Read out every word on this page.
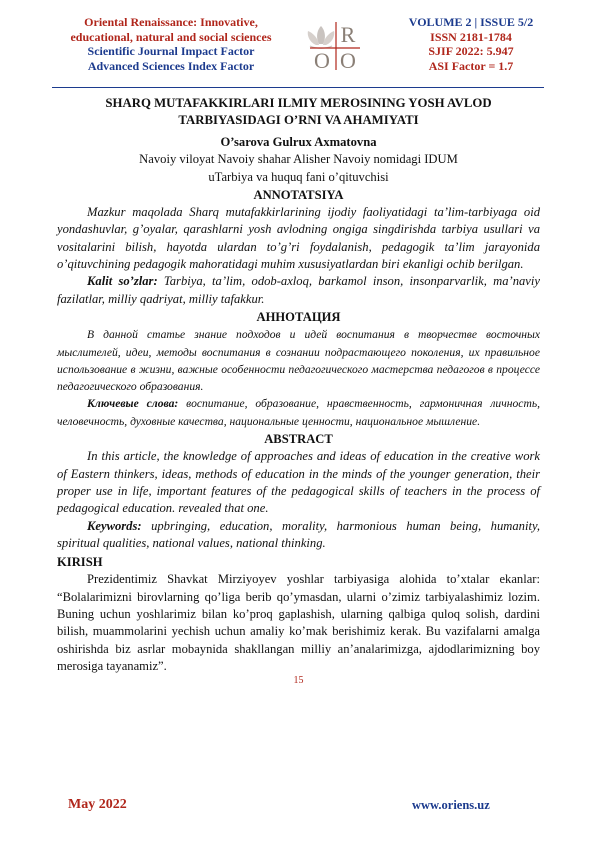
Oriental Renaissance: Innovative,
educational, natural and social sciences
Scientific Journal Impact Factor
Advanced Sciences Index Factor
R
O O
VOLUME 2 | ISSUE 5/2
ISSN 2181-1784
SJIF 2022: 5.947
ASI Factor = 1.7

SHARQ MUTAFAKKIRLARI ILMIY MEROSINING YOSH AVLOD TARBIYASIDAGI O’RNI VA AHAMIYATI

O’sarova Gulrux Axmatovna

Navoiy viloyat Navoiy shahar Alisher Navoiy nomidagi IDUM

uTarbiya va huquq fani o’qituvchisi

ANNOTATSIYA

Mazkur maqolada Sharq mutafakkirlarining ijodiy faoliyatidagi ta’lim-tarbiyaga oid yondashuvlar, g’oyalar, qarashlarni yosh avlodning ongiga singdirishda tarbiya usullari va vositalarini bilish, hayotda ulardan to’g’ri foydalanish, pedagogik ta’lim jarayonida o’qituvchining pedagogik mahoratidagi muhim xususiyatlardan biri ekanligi ochib berilgan.

Kalit so’zlar: Tarbiya, ta’lim, odob-axloq, barkamol inson, insonparvarlik, ma’naviy fazilatlar, milliy qadriyat, milliy tafakkur.

АННОТАЦИЯ

В данной статье знание подходов и идей воспитания в творчестве восточных мыслителей, идеи, методы воспитания в сознании подрастающего поколения, их правильное использование в жизни, важные особенности педагогического мастерства педагогов в процессе педагогического образования.

Ключевые слова: воспитание, образование, нравственность, гармоничная личность, человечность, духовные качества, национальные ценности, национальное мышление.

ABSTRACT

In this article, the knowledge of approaches and ideas of education in the creative work of Eastern thinkers, ideas, methods of education in the minds of the younger generation, their proper use in life, important features of the pedagogical skills of teachers in the process of pedagogical education. revealed that one.

Keywords: upbringing, education, morality, harmonious human being, humanity, spiritual qualities, national values, national thinking.

KIRISH

Prezidentimiz Shavkat Mirziyoyev yoshlar tarbiyasiga alohida to’xtalar ekanlar: “Bolalarimizni birovlarning qo’liga berib qo’ymasdan, ularni o’zimiz tarbiyalashimiz lozim. Buning uchun yoshlarimiz bilan ko’proq gaplashish, ularning qalbiga quloq solish, dardini bilish, muammolarini yechish uchun amaliy ko’mak berishimiz kerak. Bu vazifalarni amalga oshirishda biz asrlar mobaynida shakllangan milliy an’analarimizga, ajdodlarimizning boy merosiga tayanamiz”.

15

May 2022	www.oriens.uz
